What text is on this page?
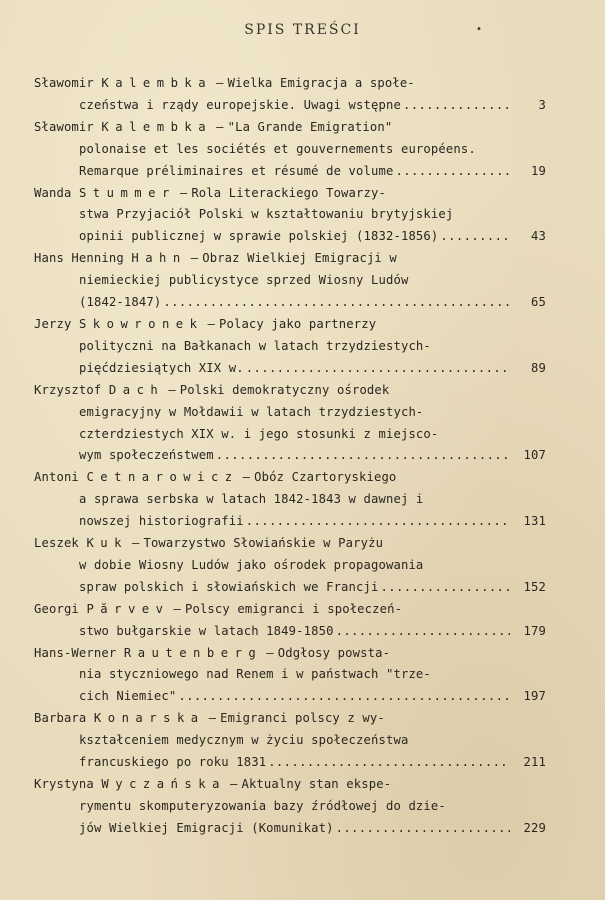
SPIS TREŚCI	•
Sławomir Kalembka – Wielka Emigracja a społe-
czeństwa i rządy europejskie. Uwagi wstępne .....	3
Sławomir Kalembka – "La Grande Emigration"
polonaise et les sociétés et gouvernements européens.
Remarque préliminaires et résumé de volume .....	19
Wanda Stummer – Rola Literackiego Towarzy-
stwa Przyjaciół Polski w kształtowaniu brytyjskiej
opinii publicznej w sprawie polskiej (1832-1856) .....	43
Hans Henning Hahn – Obraz Wielkiej Emigracji w
niemieckiej publicystyce sprzed Wiosny Ludów
(1842-1847) .....	65
Jerzy Skowronek – Polacy jako partnerzy
polityczni na Bałkanach w latach trzydziestych-
pięćdziesiątych XIX w. .....	89
Krzysztof Dach – Polski demokratyczny ośrodek
emigracyjny w Mołdawii w latach trzydziestych-
czterdziestych XIX w. i jego stosunki z miejsco-
wym społeczeństwem .....	107
Antoni Cetnarowicz – Obóz Czartoryskiego
a sprawa serbska w latach 1842-1843 w dawnej i
nowszej historiografii .....	131
Leszek Kuk – Towarzystwo Słowiańskie w Paryżu
w dobie Wiosny Ludów jako ośrodek propagowania
spraw polskich i słowiańskich we Francji .....	152
Georgi Părvev – Polscy emigranci i społeczeń-
stwo bułgarskie w latach 1849-1850 .....	179
Hans-Werner Rautenberg – Odgłosy powsta-
nia styczniowego nad Renem i w państwach "trze-
cich Niemiec" .....	197
Barbara Konarska – Emigranci polscy z wy-
kształceniem medycznym w życiu społeczeństwa
francuskiego po roku 1831 .....	211
Krystyna Wyczańska – Aktualny stan ekspe-
rymentu skomputeryzowania bazy źródłowej do dzie-
jów Wielkiej Emigracji (Komunikat) .....	229
